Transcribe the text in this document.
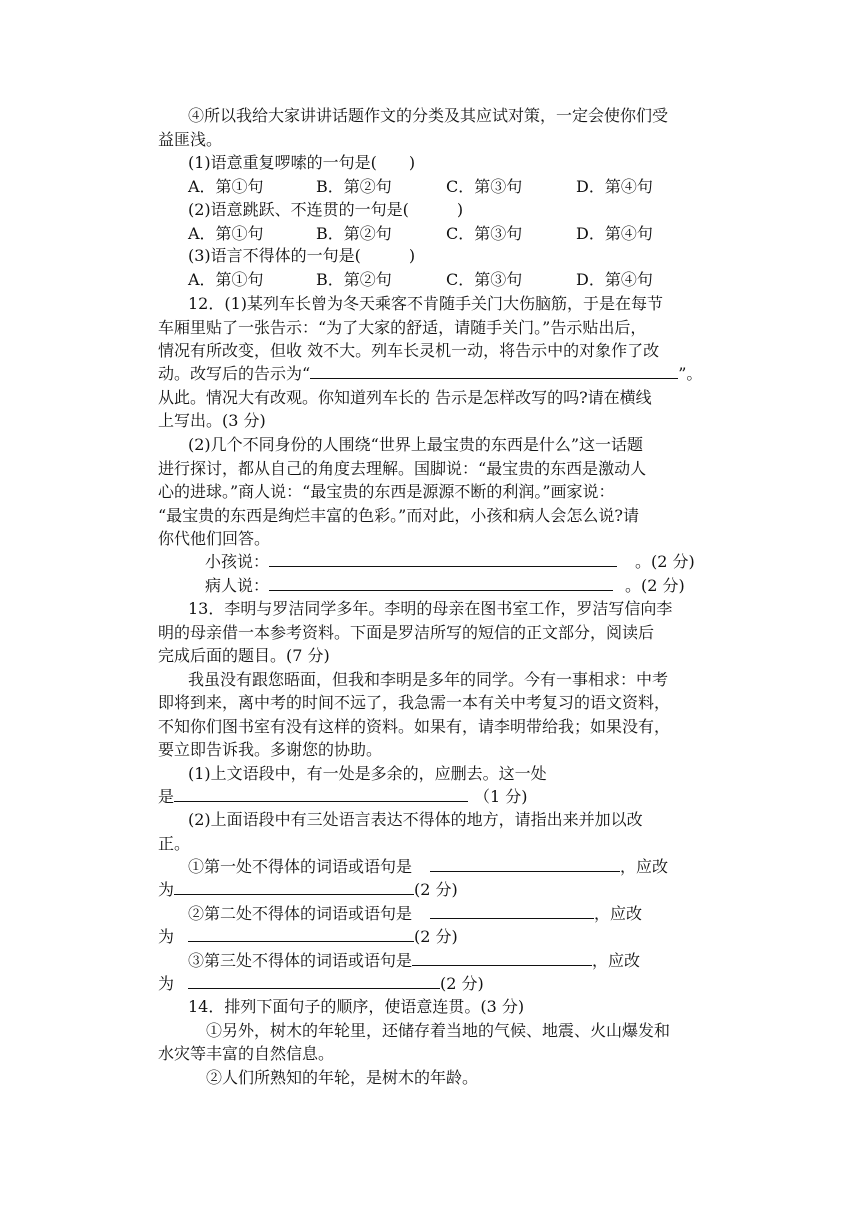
④所以我给大家讲讲话题作文的分类及其应试对策，一定会使你们受
益匪浅。
(1)语意重复啰嗦的一句是(　　)
A．第①句	B．第②句	C．第③句	D．第④句
(2)语意跳跃、不连贯的一句是(　　　)
A．第①句	B．第②句	C．第③句	D．第④句
(3)语言不得体的一句是(　　　)
A．第①句	B．第②句	C．第③句	D．第④句
12．(1)某列车长曾为冬天乘客不肯随手关门大伤脑筋，于是在每节
车厢里贴了一张告示：“为了大家的舒适，请随手关门。”告示贴出后，
情况有所改变，但收 效不大。列车长灵机一动，将告示中的对象作了改
动。改写后的告示为“	”。
从此。情况大有改观。你知道列车长的 告示是怎样改写的吗?请在横线
上写出。(3 分)
(2)几个不同身份的人围绕“世界上最宝贵的东西是什么”这一话题
进行探讨，都从自己的角度去理解。国脚说：“最宝贵的东西是激动人
心的进球。”商人说：“最宝贵的东西是源源不断的利润。”画家说：
“最宝贵的东西是绚烂丰富的色彩。”而对此，小孩和病人会怎么说?请
你代他们回答。
小孩说：	。(2 分)
病人说：	。(2 分)
13．李明与罗洁同学多年。李明的母亲在图书室工作，罗洁写信向李
明的母亲借一本参考资料。下面是罗洁所写的短信的正文部分，阅读后
完成后面的题目。(7 分)
我虽没有跟您晤面，但我和李明是多年的同学。今有一事相求：中考
即将到来，离中考的时间不远了，我急需一本有关中考复习的语文资料，
不知你们图书室有没有这样的资料。如果有，请李明带给我；如果没有，
要立即告诉我。多谢您的协助。
(1)上文语段中，有一处是多余的，应删去。这一处
是	（1 分)
(2)上面语段中有三处语言表达不得体的地方，请指出来并加以改
正。
①第一处不得体的词语或语句是	，应改
为	(2 分)
②第二处不得体的词语或语句是	，应改
为	(2 分)
③第三处不得体的词语或语句是	，应改
为	(2 分)
14．排列下面句子的顺序，使语意连贯。(3 分)
①另外，树木的年轮里，还储存着当地的气候、地震、火山爆发和
水灾等丰富的自然信息。
②人们所熟知的年轮，是树木的年龄。
